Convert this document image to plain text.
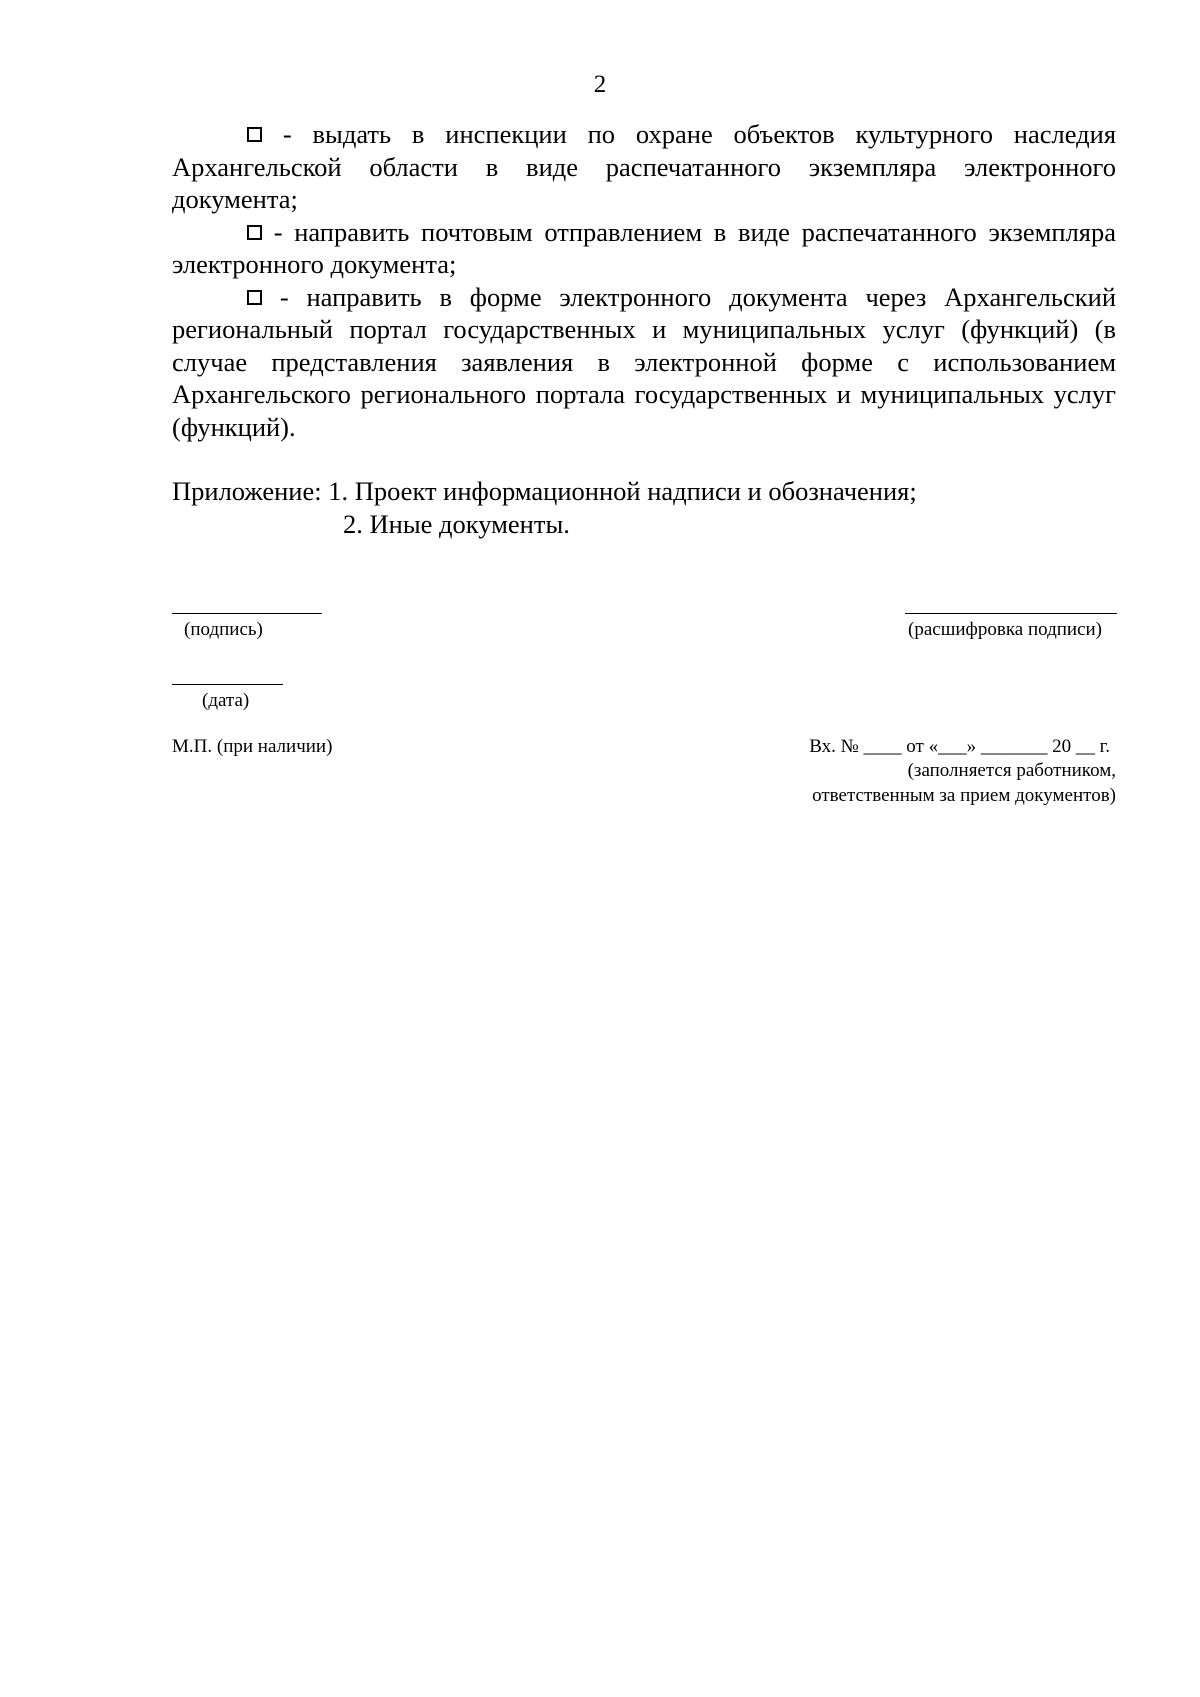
2

- выдать в инспекции по охране объектов культурного наследия Архангельской области в виде распечатанного экземпляра электронного документа;

- направить почтовым отправлением в виде распечатанного экземпляра электронного документа;

- направить в форме электронного документа через Архангельский региональный портал государственных и муниципальных услуг (функций) (в случае представления заявления в электронной форме с использованием Архангельского регионального портала государственных и муниципальных услуг (функций).

Приложение: 1. Проект информационной надписи и обозначения;
2. Иные документы.
(подпись)	(расшифровка подписи)
(дата)
М.П. (при наличии)	Вх. № ____ от «___» _______ 20 __ г.
(заполняется работником,
ответственным за прием документов)
